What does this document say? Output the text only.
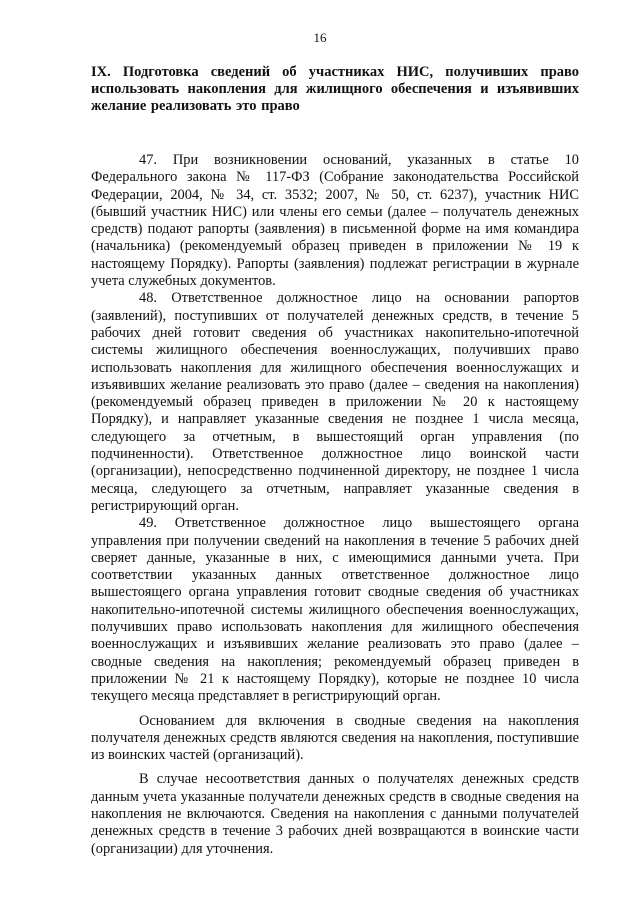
16
IX. Подготовка сведений об участниках НИС, получивших право использовать накопления для жилищного обеспечения и изъявивших желание реализовать это право

47. При возникновении оснований, указанных в статье 10 Федерального закона № 117-ФЗ (Собрание законодательства Российской Федерации, 2004, № 34, ст. 3532; 2007, № 50, ст. 6237), участник НИС (бывший участник НИС) или члены его семьи (далее – получатель денежных средств) подают рапорты (заявления) в письменной форме на имя командира (начальника) (рекомендуемый образец приведен в приложении № 19 к настоящему Порядку). Рапорты (заявления) подлежат регистрации в журнале учета служебных документов.

48. Ответственное должностное лицо на основании рапортов (заявлений), поступивших от получателей денежных средств, в течение 5 рабочих дней готовит сведения об участниках накопительно-ипотечной системы жилищного обеспечения военнослужащих, получивших право использовать накопления для жилищного обеспечения военнослужащих и изъявивших желание реализовать это право (далее – сведения на накопления) (рекомендуемый образец приведен в приложении № 20 к настоящему Порядку), и направляет указанные сведения не позднее 1 числа месяца, следующего за отчетным, в вышестоящий орган управления (по подчиненности). Ответственное должностное лицо воинской части (организации), непосредственно подчиненной директору, не позднее 1 числа месяца, следующего за отчетным, направляет указанные сведения в регистрирующий орган.

49. Ответственное должностное лицо вышестоящего органа управления при получении сведений на накопления в течение 5 рабочих дней сверяет данные, указанные в них, с имеющимися данными учета. При соответствии указанных данных ответственное должностное лицо вышестоящего органа управления готовит сводные сведения об участниках накопительно-ипотечной системы жилищного обеспечения военнослужащих, получивших право использовать накопления для жилищного обеспечения военнослужащих и изъявивших желание реализовать это право (далее – сводные сведения на накопления; рекомендуемый образец приведен в приложении № 21 к настоящему Порядку), которые не позднее 10 числа текущего месяца представляет в регистрирующий орган.

Основанием для включения в сводные сведения на накопления получателя денежных средств являются сведения на накопления, поступившие из воинских частей (организаций).

В случае несоответствия данных о получателях денежных средств данным учета указанные получатели денежных средств в сводные сведения на накопления не включаются. Сведения на накопления с данными получателей денежных средств в течение 3 рабочих дней возвращаются в воинские части (организации) для уточнения.
